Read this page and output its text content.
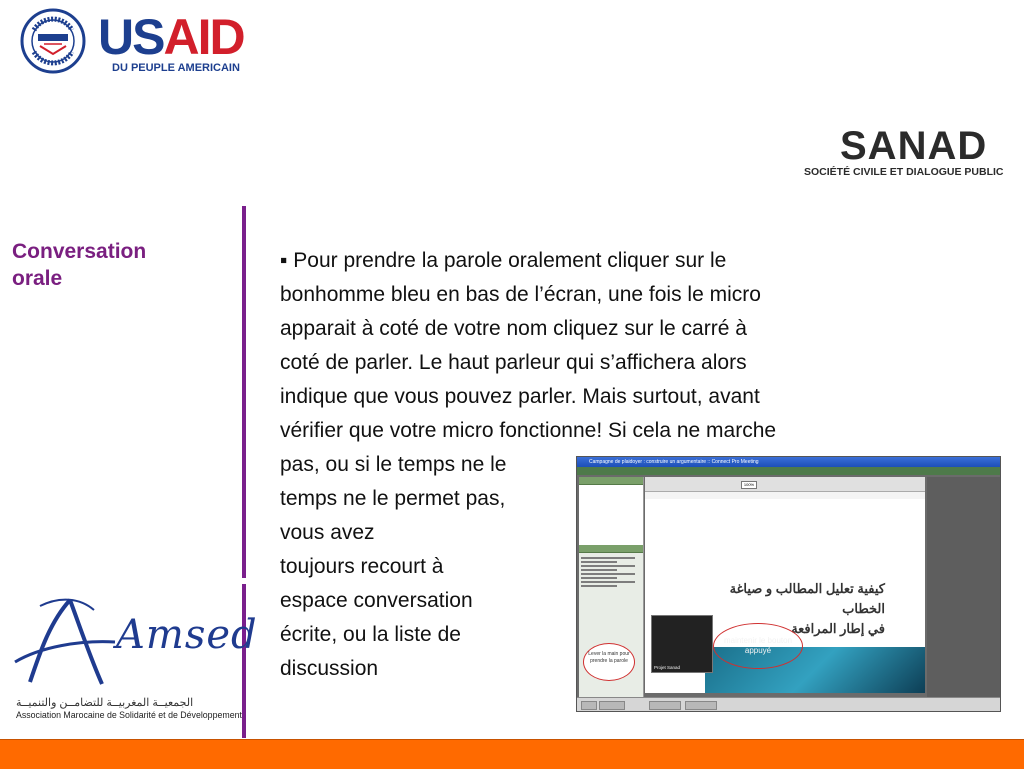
USAID
DU PEUPLE AMERICAIN
SANAD
SOCIÉTÉ CIVILE ET DIALOGUE PUBLIC
Conversation
orale
▪ Pour prendre la parole oralement cliquer sur le
bonhomme bleu en bas de l’écran, une fois le micro
apparait à coté de votre nom cliquez sur le carré à
coté de parler. Le haut parleur qui s’affichera alors
indique que vous pouvez parler. Mais surtout, avant
vérifier que votre micro fonctionne! Si cela ne marche
pas, ou si le temps ne le
temps ne le permet pas,
vous avez
toujours recourt à
espace conversation
écrite, ou la liste de
discussion
Amsed
الجمعيــة المغربيــة للتضامــن والتنميــة
Association Marocaine de Solidarité et de Développement
Campagne de plaidoyer : construire un argumentaire :: Connect Pro Meeting

Lever la main pour prendre la parole
100%
كيفية تعليل المطالب و صياغة الخطاب
في إطار المرافعة
Projet Sanad
maintenir le bouton appuyé
